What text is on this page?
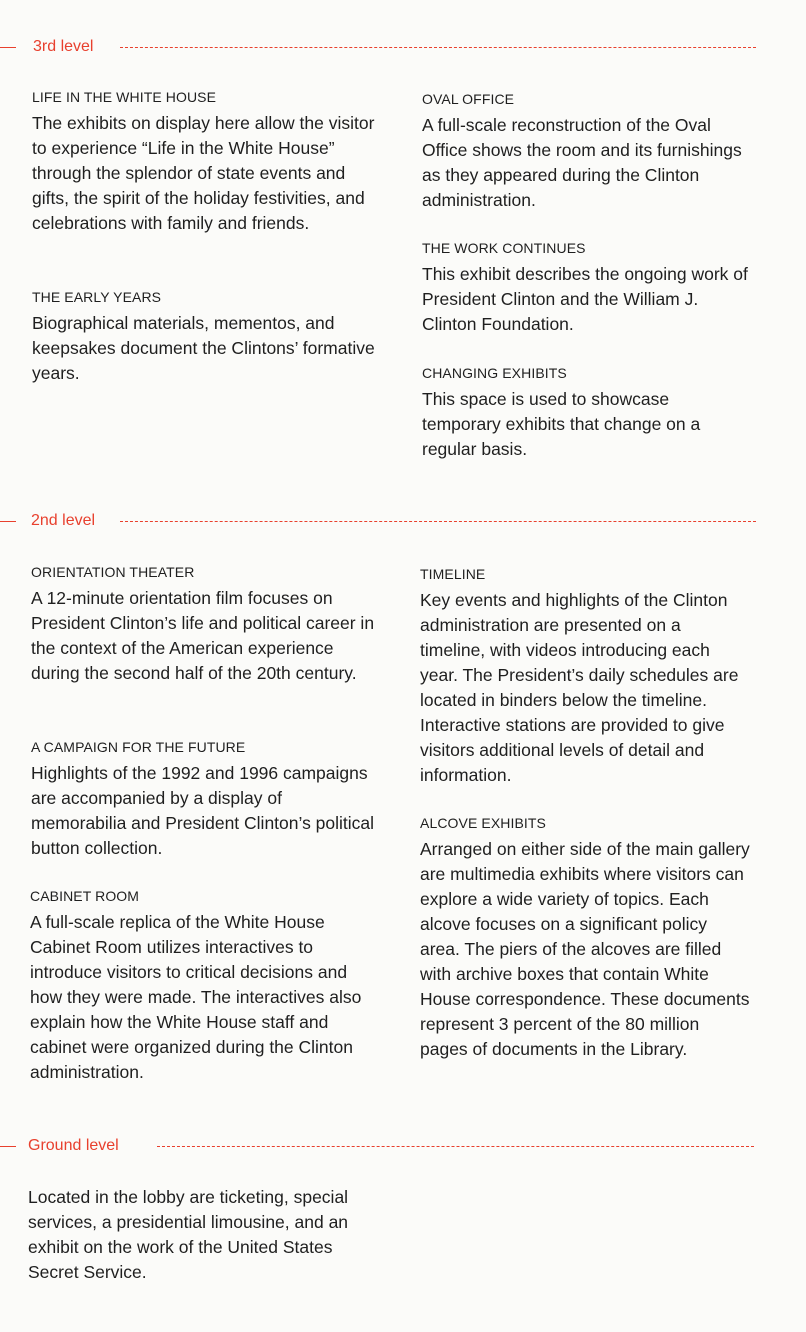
3rd level

LIFE IN THE WHITE HOUSE

The exhibits on display here allow the visitor to experience “Life in the White House” through the splendor of state events and gifts, the spirit of the holiday festivities, and celebrations with family and friends.

THE EARLY YEARS

Biographical materials, mementos, and keepsakes document the Clintons’ formative years.

OVAL OFFICE

A full-scale reconstruction of the Oval Office shows the room and its furnishings as they appeared during the Clinton administration.

THE WORK CONTINUES

This exhibit describes the ongoing work of President Clinton and the William J. Clinton Foundation.

CHANGING EXHIBITS

This space is used to showcase temporary exhibits that change on a regular basis.

2nd level

ORIENTATION THEATER

A 12-minute orientation film focuses on President Clinton’s life and political career in the context of the American experience during the second half of the 20th century.

A CAMPAIGN FOR THE FUTURE

Highlights of the 1992 and 1996 campaigns are accompanied by a display of memorabilia and President Clinton’s political button collection.

CABINET ROOM

A full-scale replica of the White House Cabinet Room utilizes interactives to introduce visitors to critical decisions and how they were made. The interactives also explain how the White House staff and cabinet were organized during the Clinton administration.

TIMELINE

Key events and highlights of the Clinton administration are presented on a timeline, with videos introducing each year. The President’s daily schedules are located in binders below the timeline. Interactive stations are provided to give visitors additional levels of detail and information.

ALCOVE EXHIBITS

Arranged on either side of the main gallery are multimedia exhibits where visitors can explore a wide variety of topics. Each alcove focuses on a significant policy area. The piers of the alcoves are filled with archive boxes that contain White House correspondence. These documents represent 3 percent of the 80 million pages of documents in the Library.

Ground level

Located in the lobby are ticketing, special services, a presidential limousine, and an exhibit on the work of the United States Secret Service.
